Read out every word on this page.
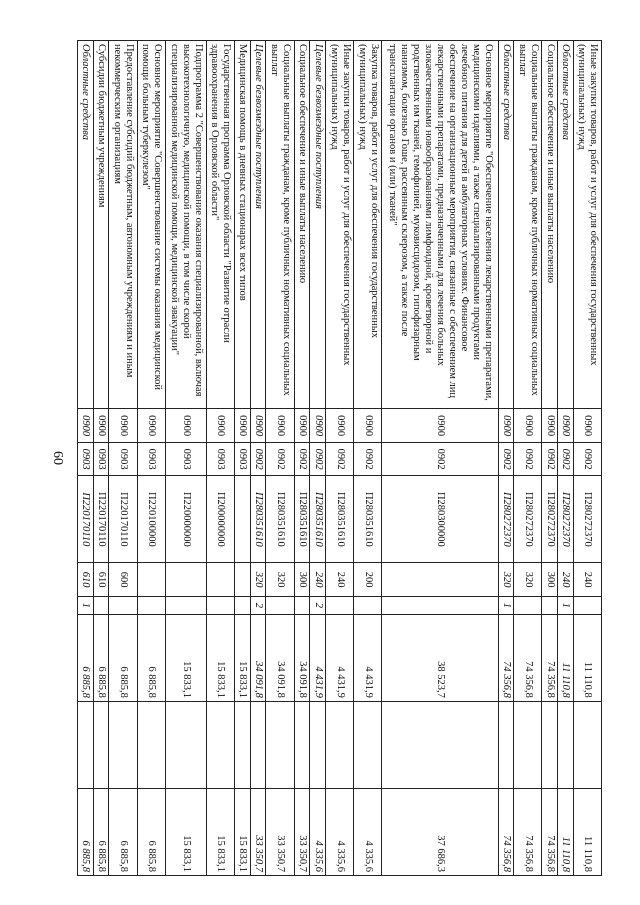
60
Иные закупки товаров, работ и услуг для обеспечения государственных (муниципальных) нужд	0900	0902	П280272370	240		11 110,8		11 110,8
Областные средства	0900	0902	П280272370	240	1	11 110,8		11 110,8
Социальное обеспечение и иные выплаты населению	0900	0902	П280272370	300		74 356,8		74 356,8
Социальные выплаты гражданам, кроме публичных нормативных социальных выплат	0900	0902	П280272370	320		74 356,8		74 356,8
Областные средства	0900	0902	П280272370	320	1	74 356,8		74 356,8
Основное мероприятие "Обеспечение населения лекарственными препаратами, медицинскими изделиями, а также специализированными продуктами лечебного питания для детей в амбулаторных условиях. Финансовое обеспечение на организационные мероприятия, связанные с обеспечением лиц лекарственными препаратами, предназначенными для лечения больных злокачественными новообразованиями лимфоидной, кроветворной и родственных им тканей, гемофилией, муковисцидозом, гипофизарным нанизмом, болезнью Гоше, рассеянным склерозом, а также после трансплантации органов и (или) тканей"	0900	0902	П280300000			38 523,7		37 686,3
Закупка товаров, работ и услуг для обеспечения государственных (муниципальных) нужд	0900	0902	П280351610	200		4 431,9		4 335,6
Иные закупки товаров, работ и услуг для обеспечения государственных (муниципальных) нужд	0900	0902	П280351610	240		4 431,9		4 335,6
Целевые безвозмездные поступления	0900	0902	П280351610	240	2	4 431,9		4 335,6
Социальное обеспечение и иные выплаты населению	0900	0902	П280351610	300		34 091,8		33 350,7
Социальные выплаты гражданам, кроме публичных нормативных социальных выплат	0900	0902	П280351610	320		34 091,8		33 350,7
Целевые безвозмездные поступления	0900	0902	П280351610	320	2	34 091,8		33 350,7
Медицинская помощь в дневных стационарах всех типов	0900	0903				15 833,1		15 833,1
Государственная программа Орловской области "Развитие отрасли здравоохранения в Орловской области"	0900	0903	П200000000			15 833,1		15 833,1
Подпрограмма 2 "Совершенствование оказания специализированной, включая высокотехнологичную, медицинской помощи, в том числе скорой специализированной медицинской помощи, медицинской эвакуации"	0900	0903	П220000000			15 833,1		15 833,1
Основное мероприятие "Совершенствование системы оказания медицинской помощи больным туберкулезом"	0900	0903	П220100000			6 885,8		6 885,8
Предоставление субсидий бюджетным, автономным учреждениям и иным некоммерческим организациям	0900	0903	П220170110	600		6 885,8		6 885,8
Субсидии бюджетным учреждениям	0900	0903	П220170110	610		6 885,8		6 885,8
Областные средства	0900	0903	П220170110	610	1	6 885,8		6 885,8
